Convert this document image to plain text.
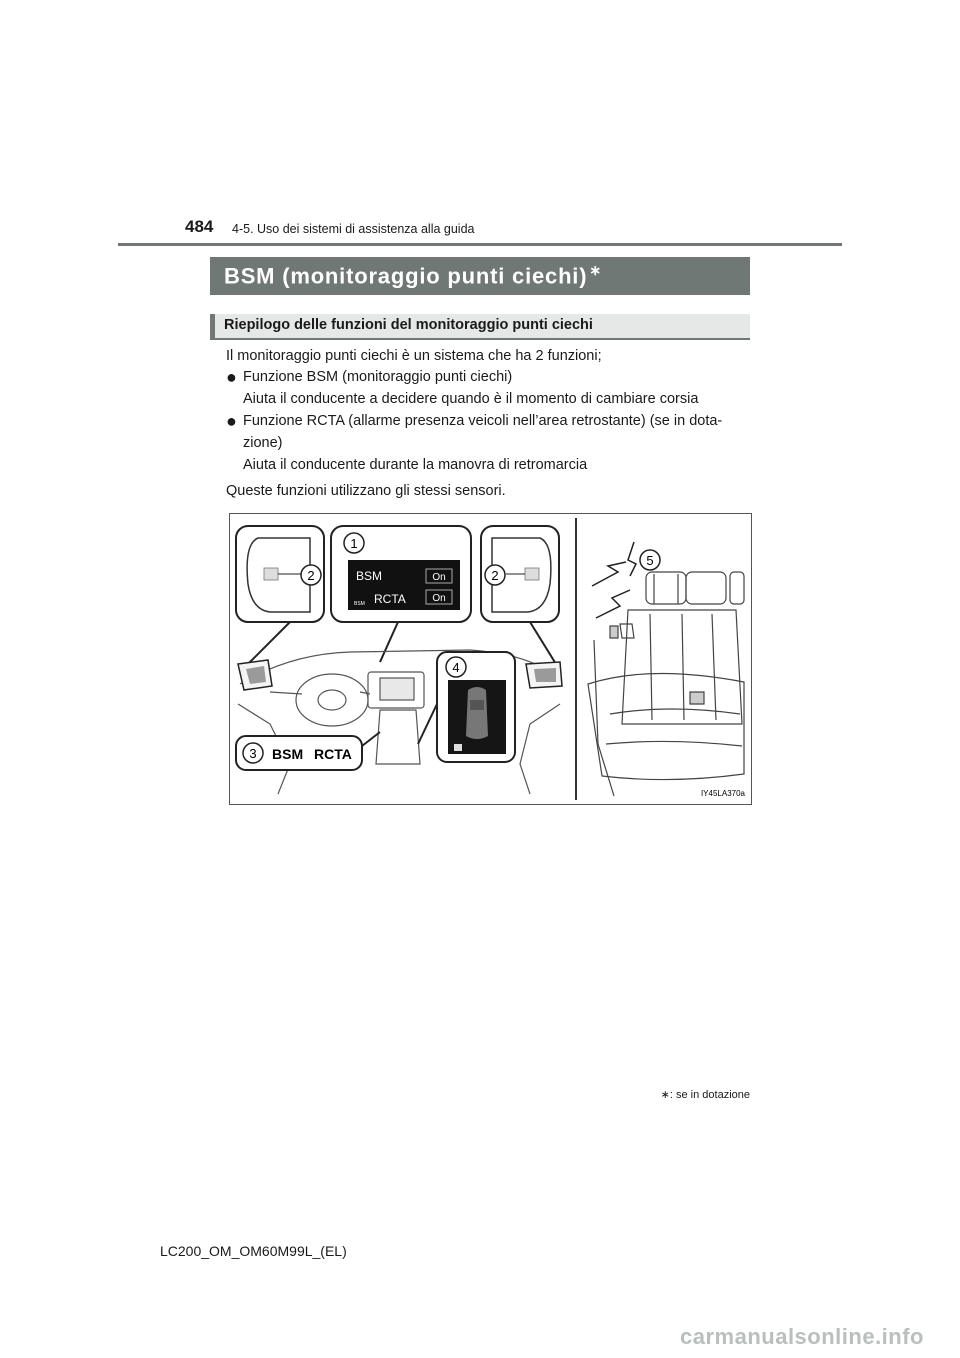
484 4-5. Uso dei sistemi di assistenza alla guida
BSM (monitoraggio punti ciechi) ∗
Riepilogo delle funzioni del monitoraggio punti ciechi
Il monitoraggio punti ciechi è un sistema che ha 2 funzioni;
● Funzione BSM (monitoraggio punti ciechi)
Aiuta il conducente a decidere quando è il momento di cambiare corsia
● Funzione RCTA (allarme presenza veicoli nell’area retrostante) (se in dota-
zione)
Aiuta il conducente durante la manovra di retromarcia
Queste funzioni utilizzano gli stessi sensori.
2
1
BSM	On
RCTA
BSM	On
2
4
3 BSM RCTA
5
IY45LA370a
∗: se in dotazione
LC200_OM_OM60M99L_(EL)
carmanualsonline.info
